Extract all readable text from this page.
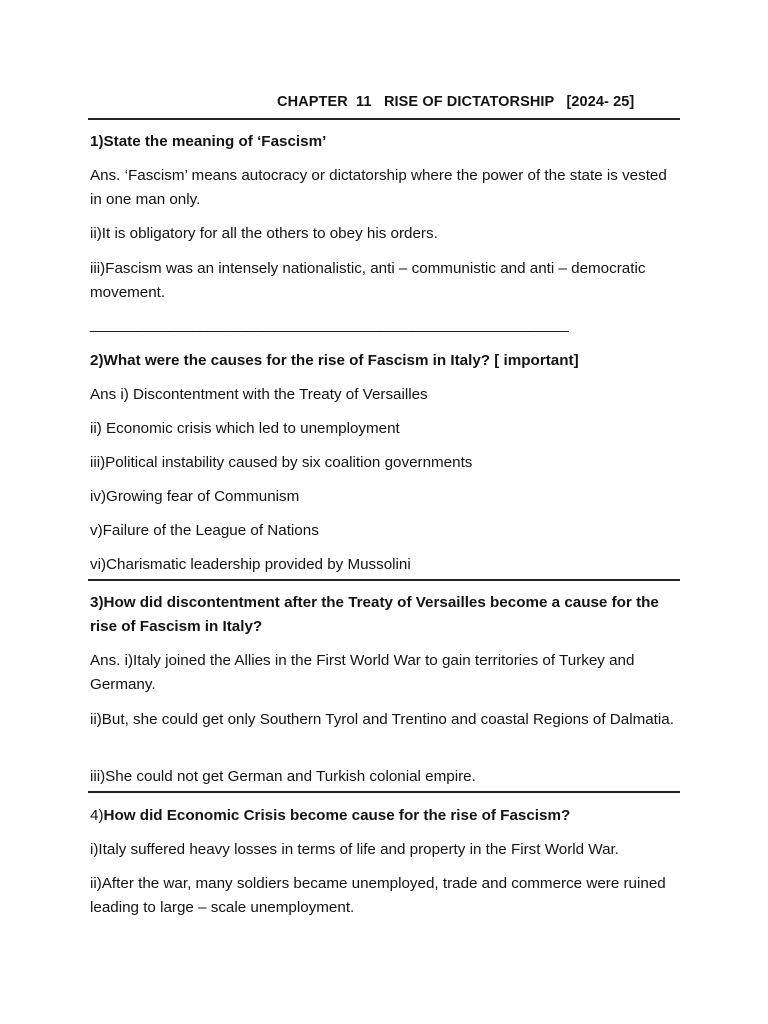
CHAPTER  11   RISE OF DICTATORSHIP   [2024- 25]

1)State the meaning of ‘Fascism’

Ans. ‘Fascism’ means autocracy or dictatorship where the power of the state is vested in one man only.

ii)It is obligatory for all the others to obey his orders.

iii)Fascism was an intensely nationalistic, anti – communistic and anti – democratic movement.

_____________________________________________________________

2)What were the causes for the rise of Fascism in Italy? [ important]

Ans i) Discontentment with the Treaty of Versailles

ii) Economic crisis which led to unemployment

iii)Political instability caused by six coalition governments

iv)Growing fear of Communism

v)Failure of the League of Nations

vi)Charismatic leadership provided by Mussolini

3)How did discontentment after the Treaty of Versailles become a cause for the rise of Fascism in Italy?

Ans. i)Italy joined the Allies in the First World War to gain territories of Turkey and Germany.

ii)But, she could get only Southern Tyrol and Trentino and coastal Regions of Dalmatia.

iii)She could not get German and Turkish colonial empire.

4)How did Economic Crisis become cause for the rise of Fascism?

i)Italy suffered heavy losses in terms of life and property in the First World War.

ii)After the war, many soldiers became unemployed, trade and commerce were ruined leading to large – scale unemployment.
